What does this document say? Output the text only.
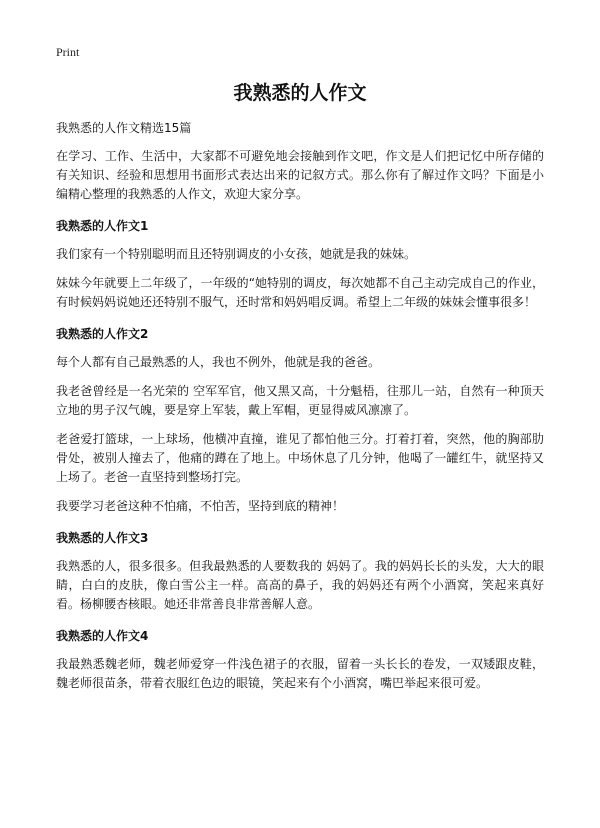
Print

我熟悉的人作文

我熟悉的人作文精选15篇

在学习、工作、生活中，大家都不可避免地会接触到作文吧，作文是人们把记忆中所存储的有关知识、经验和思想用书面形式表达出来的记叙方式。那么你有了解过作文吗？下面是小编精心整理的我熟悉的人作文，欢迎大家分享。

我熟悉的人作文1

我们家有一个特别聪明而且还特别调皮的小女孩，她就是我的妹妹。

妹妹今年就要上二年级了，一年级的“她特别的调皮，每次她都不自己主动完成自己的作业，有时候妈妈说她还还特别不服气，还时常和妈妈唱反调。希望上二年级的妹妹会懂事很多！

我熟悉的人作文2

每个人都有自己最熟悉的人，我也不例外，他就是我的爸爸。

我老爸曾经是一名光荣的 空军军官，他又黑又高，十分魁梧，往那儿一站，自然有一种顶天立地的男子汉气魄，要是穿上军装，戴上军帽，更显得威风凛凛了。

老爸爱打篮球，一上球场，他横冲直撞，谁见了都怕他三分。打着打着，突然，他的胸部肋骨处，被别人撞去了，他痛的蹲在了地上。中场休息了几分钟，他喝了一罐红牛，就坚持又上场了。老爸一直坚持到整场打完。

我要学习老爸这种不怕痛，不怕苦，坚持到底的精神！

我熟悉的人作文3

我熟悉的人，很多很多。但我最熟悉的人要数我的 妈妈了。我的妈妈长长的头发，大大的眼睛，白白的皮肤，像白雪公主一样。高高的鼻子，我的妈妈还有两个小酒窝，笑起来真好看。杨柳腰杏核眼。她还非常善良非常善解人意。

我熟悉的人作文4

我最熟悉魏老师，魏老师爱穿一件浅色裙子的衣服，留着一头长长的卷发，一双矮跟皮鞋，魏老师很苗条，带着衣服红色边的眼镜，笑起来有个小酒窝，嘴巴举起来很可爱。
